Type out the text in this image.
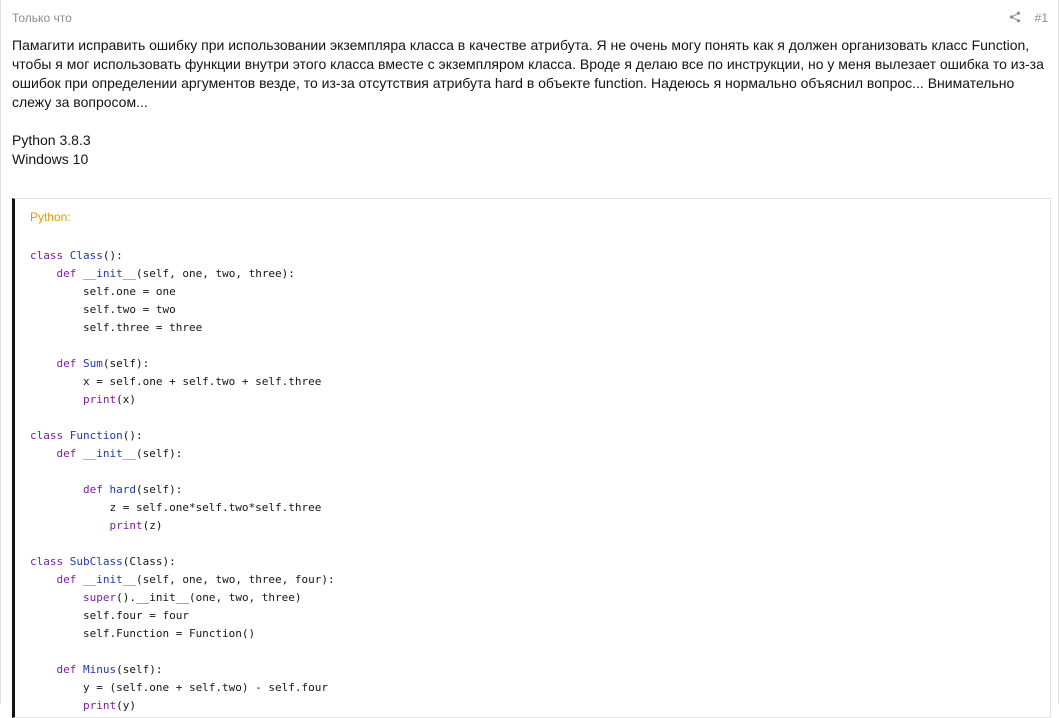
Только что	#1

Памагити исправить ошибку при использовании экземпляра класса в качестве атрибута. Я не очень могу понять как я должен организовать класс Function, чтобы я мог использовать функции внутри этого класса вместе с экземпляром класса. Вроде я делаю все по инструкции, но у меня вылезает ошибка то из-за ошибок при определении аргументов везде, то из-за отсутствия атрибута hard в объекте function. Надеюсь я нормально объяснил вопрос... Внимательно слежу за вопросом...

Python 3.8.3

Windows 10

Python:
class Class():
def __init__(self, one, two, three):
self.one = one
self.two = two
self.three = three

def Sum(self):
x = self.one + self.two + self.three
print(x)

class Function():
def __init__(self):

def hard(self):
z = self.one*self.two*self.three
print(z)

class SubClass(Class):
def __init__(self, one, two, three, four):
super().__init__(one, two, three)
self.four = four
self.Function = Function()

def Minus(self):
y = (self.one + self.two) - self.four
print(y)
